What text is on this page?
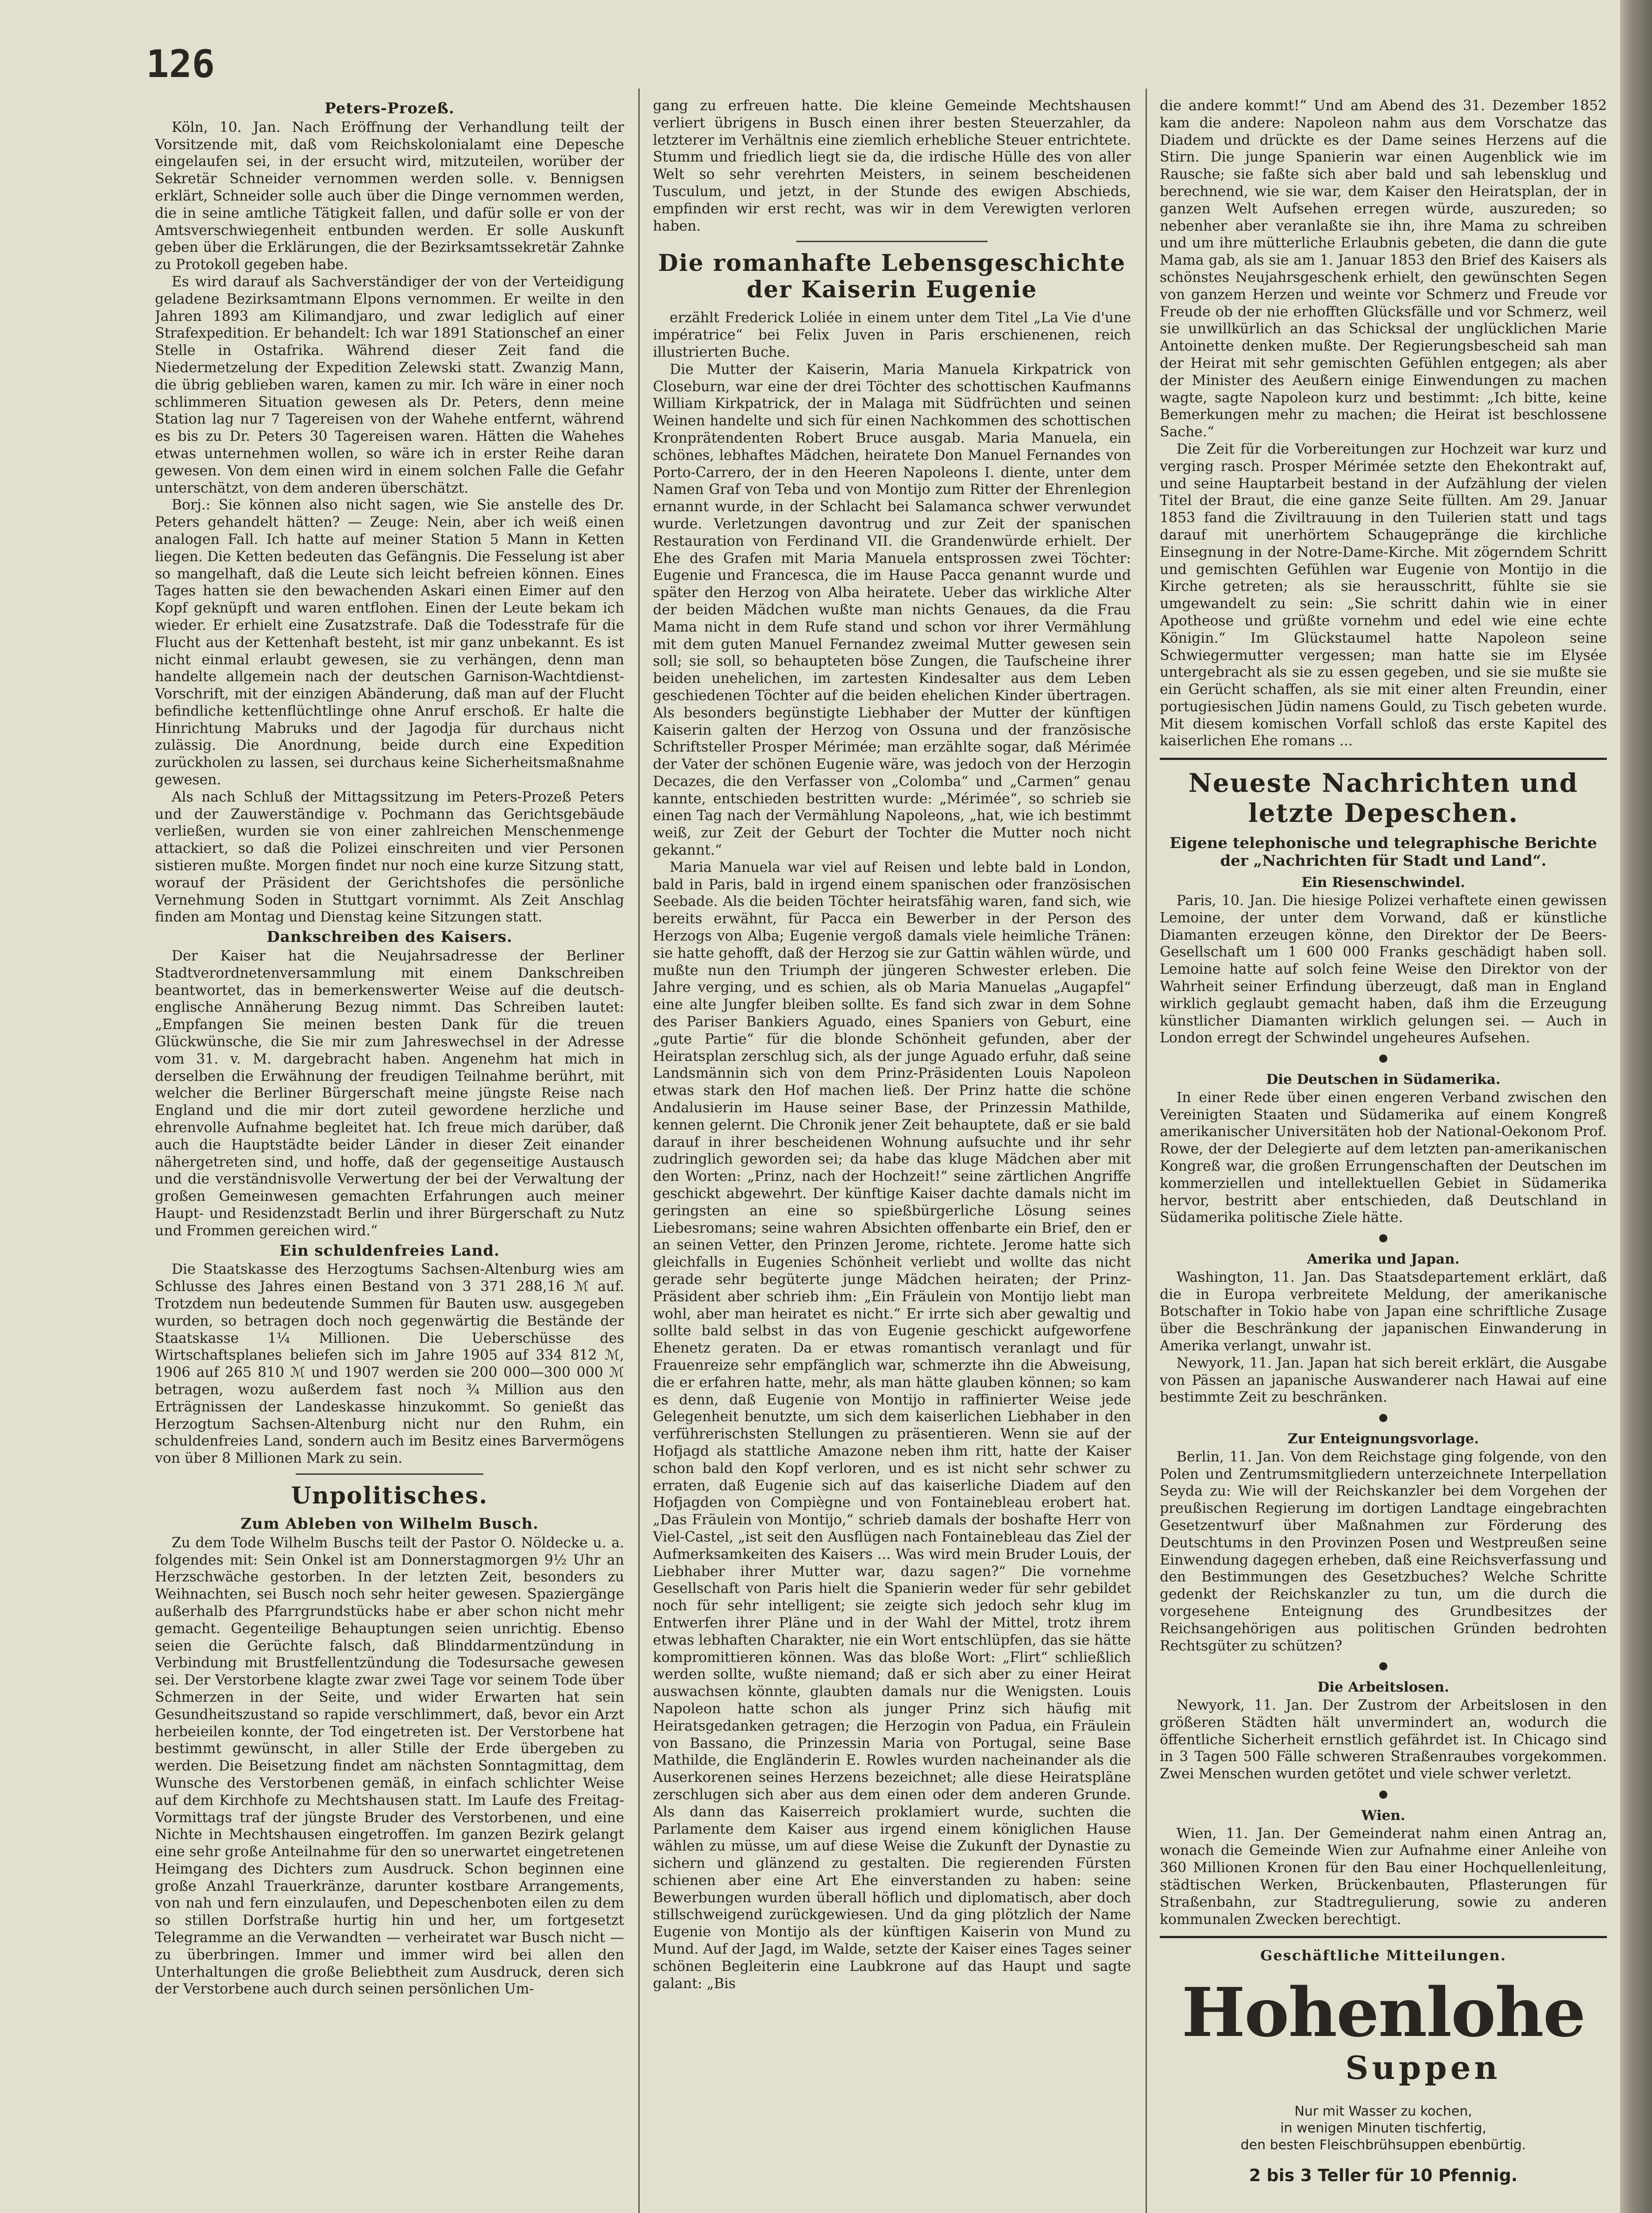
126
Peters-Prozeß.

Köln, 10. Jan. Nach Eröffnung der Verhandlung teilt der Vorsitzende mit, daß vom Reichskolonialamt eine Depesche eingelaufen sei, in der ersucht wird, mitzuteilen, worüber der Sekretär Schneider vernommen werden solle. v. Bennigsen erklärt, Schneider solle auch über die Dinge vernommen werden, die in seine amtliche Tätigkeit fallen, und dafür solle er von der Amtsverschwiegenheit entbunden werden. Er solle Auskunft geben über die Erklärungen, die der Bezirksamtssekretär Zahnke zu Protokoll gegeben habe.

Es wird darauf als Sachverständiger der von der Verteidigung geladene Bezirksamtmann Elpons vernommen. Er weilte in den Jahren 1893 am Kilimandjaro, und zwar lediglich auf einer Strafexpedition. Er behandelt: Ich war 1891 Stationschef an einer Stelle in Ostafrika. Während dieser Zeit fand die Niedermetzelung der Expedition Zelewski statt. Zwanzig Mann, die übrig geblieben waren, kamen zu mir. Ich wäre in einer noch schlimmeren Situation gewesen als Dr. Peters, denn meine Station lag nur 7 Tagereisen von der Wahehe entfernt, während es bis zu Dr. Peters 30 Tagereisen waren. Hätten die Wahehes etwas unternehmen wollen, so wäre ich in erster Reihe daran gewesen. Von dem einen wird in einem solchen Falle die Gefahr unterschätzt, von dem anderen überschätzt.

Borj.: Sie können also nicht sagen, wie Sie anstelle des Dr. Peters gehandelt hätten? — Zeuge: Nein, aber ich weiß einen analogen Fall. Ich hatte auf meiner Station 5 Mann in Ketten liegen. Die Ketten bedeuten das Gefängnis. Die Fesselung ist aber so mangelhaft, daß die Leute sich leicht befreien können. Eines Tages hatten sie den bewachenden Askari einen Eimer auf den Kopf geknüpft und waren entflohen. Einen der Leute bekam ich wieder. Er erhielt eine Zusatzstrafe. Daß die Todesstrafe für die Flucht aus der Kettenhaft besteht, ist mir ganz unbekannt. Es ist nicht einmal erlaubt gewesen, sie zu verhängen, denn man handelte allgemein nach der deutschen Garnison-Wachtdienst-Vorschrift, mit der einzigen Abänderung, daß man auf der Flucht befindliche kettenflüchtlinge ohne Anruf erschoß. Er halte die Hinrichtung Mabruks und der Jagodja für durchaus nicht zulässig. Die Anordnung, beide durch eine Expedition zurückholen zu lassen, sei durchaus keine Sicherheitsmaßnahme gewesen.

Als nach Schluß der Mittagssitzung im Peters-Prozeß Peters und der Zauwerständige v. Pochmann das Gerichtsgebäude verließen, wurden sie von einer zahlreichen Menschenmenge attackiert, so daß die Polizei einschreiten und vier Personen sistieren mußte. Morgen findet nur noch eine kurze Sitzung statt, worauf der Präsident der Gerichtshofes die persönliche Vernehmung Soden in Stuttgart vornimmt. Als Zeit Anschlag finden am Montag und Dienstag keine Sitzungen statt.

Dankschreiben des Kaisers.

Der Kaiser hat die Neujahrsadresse der Berliner Stadtverordnetenversammlung mit einem Dankschreiben beantwortet, das in bemerkenswerter Weise auf die deutsch-englische Annäherung Bezug nimmt. Das Schreiben lautet: „Empfangen Sie meinen besten Dank für die treuen Glückwünsche, die Sie mir zum Jahreswechsel in der Adresse vom 31. v. M. dargebracht haben. Angenehm hat mich in derselben die Erwähnung der freudigen Teilnahme berührt, mit welcher die Berliner Bürgerschaft meine jüngste Reise nach England und die mir dort zuteil gewordene herzliche und ehrenvolle Aufnahme begleitet hat. Ich freue mich darüber, daß auch die Hauptstädte beider Länder in dieser Zeit einander nähergetreten sind, und hoffe, daß der gegenseitige Austausch und die verständnisvolle Verwertung der bei der Verwaltung der großen Gemeinwesen gemachten Erfahrungen auch meiner Haupt- und Residenzstadt Berlin und ihrer Bürgerschaft zu Nutz und Frommen gereichen wird.“

Ein schuldenfreies Land.

Die Staatskasse des Herzogtums Sachsen-Altenburg wies am Schlusse des Jahres einen Bestand von 3 371 288,16 ℳ auf. Trotzdem nun bedeutende Summen für Bauten usw. ausgegeben wurden, so betragen doch noch gegenwärtig die Bestände der Staatskasse 1¼ Millionen. Die Ueberschüsse des Wirtschaftsplanes beliefen sich im Jahre 1905 auf 334 812 ℳ, 1906 auf 265 810 ℳ und 1907 werden sie 200 000—300 000 ℳ betragen, wozu außerdem fast noch ¾ Million aus den Erträgnissen der Landeskasse hinzukommt. So genießt das Herzogtum Sachsen-Altenburg nicht nur den Ruhm, ein schuldenfreies Land, sondern auch im Besitz eines Barvermögens von über 8 Millionen Mark zu sein.

Unpolitisches.
Zum Ableben von Wilhelm Busch.

Zu dem Tode Wilhelm Buschs teilt der Pastor O. Nöldecke u. a. folgendes mit: Sein Onkel ist am Donnerstagmorgen 9½ Uhr an Herzschwäche gestorben. In der letzten Zeit, besonders zu Weihnachten, sei Busch noch sehr heiter gewesen. Spaziergänge außerhalb des Pfarrgrundstücks habe er aber schon nicht mehr gemacht. Gegenteilige Behauptungen seien unrichtig. Ebenso seien die Gerüchte falsch, daß Blinddarmentzündung in Verbindung mit Brustfellentzündung die Todesursache gewesen sei. Der Verstorbene klagte zwar zwei Tage vor seinem Tode über Schmerzen in der Seite, und wider Erwarten hat sein Gesundheitszustand so rapide verschlimmert, daß, bevor ein Arzt herbeieilen konnte, der Tod eingetreten ist. Der Verstorbene hat bestimmt gewünscht, in aller Stille der Erde übergeben zu werden. Die Beisetzung findet am nächsten Sonntagmittag, dem Wunsche des Verstorbenen gemäß, in einfach schlichter Weise auf dem Kirchhofe zu Mechtshausen statt. Im Laufe des Freitag-Vormittags traf der jüngste Bruder des Verstorbenen, und eine Nichte in Mechtshausen eingetroffen. Im ganzen Bezirk gelangt eine sehr große Anteilnahme für den so unerwartet eingetretenen Heimgang des Dichters zum Ausdruck. Schon beginnen eine große Anzahl Trauerkränze, darunter kostbare Arrangements, von nah und fern einzulaufen, und Depeschenboten eilen zu dem so stillen Dorfstraße hurtig hin und her, um fortgesetzt Telegramme an die Verwandten — verheiratet war Busch nicht — zu überbringen. Immer und immer wird bei allen den Unterhaltungen die große Beliebtheit zum Ausdruck, deren sich der Verstorbene auch durch seinen persönlichen Um-

gang zu erfreuen hatte. Die kleine Gemeinde Mechtshausen verliert übrigens in Busch einen ihrer besten Steuerzahler, da letzterer im Verhältnis eine ziemlich erhebliche Steuer entrichtete. Stumm und friedlich liegt sie da, die irdische Hülle des von aller Welt so sehr verehrten Meisters, in seinem bescheidenen Tusculum, und jetzt, in der Stunde des ewigen Abschieds, empfinden wir erst recht, was wir in dem Verewigten verloren haben.

Die romanhafte Lebensgeschichte der Kaiserin Eugenie

erzählt Frederick Loliée in einem unter dem Titel „La Vie d'une impératrice“ bei Felix Juven in Paris erschienenen, reich illustrierten Buche.

Die Mutter der Kaiserin, Maria Manuela Kirkpatrick von Closeburn, war eine der drei Töchter des schottischen Kaufmanns William Kirkpatrick, der in Malaga mit Südfrüchten und seinen Weinen handelte und sich für einen Nachkommen des schottischen Kronprätendenten Robert Bruce ausgab. Maria Manuela, ein schönes, lebhaftes Mädchen, heiratete Don Manuel Fernandes von Porto-Carrero, der in den Heeren Napoleons I. diente, unter dem Namen Graf von Teba und von Montijo zum Ritter der Ehrenlegion ernannt wurde, in der Schlacht bei Salamanca schwer verwundet wurde. Verletzungen davontrug und zur Zeit der spanischen Restauration von Ferdinand VII. die Grandenwürde erhielt. Der Ehe des Grafen mit Maria Manuela entsprossen zwei Töchter: Eugenie und Francesca, die im Hause Pacca genannt wurde und später den Herzog von Alba heiratete. Ueber das wirkliche Alter der beiden Mädchen wußte man nichts Genaues, da die Frau Mama nicht in dem Rufe stand und schon vor ihrer Vermählung mit dem guten Manuel Fernandez zweimal Mutter gewesen sein soll; sie soll, so behaupteten böse Zungen, die Taufscheine ihrer beiden unehelichen, im zartesten Kindesalter aus dem Leben geschiedenen Töchter auf die beiden ehelichen Kinder übertragen. Als besonders begünstigte Liebhaber der Mutter der künftigen Kaiserin galten der Herzog von Ossuna und der französische Schriftsteller Prosper Mérimée; man erzählte sogar, daß Mérimée der Vater der schönen Eugenie wäre, was jedoch von der Herzogin Decazes, die den Verfasser von „Colomba“ und „Carmen“ genau kannte, entschieden bestritten wurde: „Mérimée“, so schrieb sie einen Tag nach der Vermählung Napoleons, „hat, wie ich bestimmt weiß, zur Zeit der Geburt der Tochter die Mutter noch nicht gekannt.“

Maria Manuela war viel auf Reisen und lebte bald in London, bald in Paris, bald in irgend einem spanischen oder französischen Seebade. Als die beiden Töchter heiratsfähig waren, fand sich, wie bereits erwähnt, für Pacca ein Bewerber in der Person des Herzogs von Alba; Eugenie vergoß damals viele heimliche Tränen: sie hatte gehofft, daß der Herzog sie zur Gattin wählen würde, und mußte nun den Triumph der jüngeren Schwester erleben. Die Jahre verging, und es schien, als ob Maria Manuelas „Augapfel“ eine alte Jungfer bleiben sollte. Es fand sich zwar in dem Sohne des Pariser Bankiers Aguado, eines Spaniers von Geburt, eine „gute Partie“ für die blonde Schönheit gefunden, aber der Heiratsplan zerschlug sich, als der junge Aguado erfuhr, daß seine Landsmännin sich von dem Prinz-Präsidenten Louis Napoleon etwas stark den Hof machen ließ. Der Prinz hatte die schöne Andalusierin im Hause seiner Base, der Prinzessin Mathilde, kennen gelernt. Die Chronik jener Zeit behauptete, daß er sie bald darauf in ihrer bescheidenen Wohnung aufsuchte und ihr sehr zudringlich geworden sei; da habe das kluge Mädchen aber mit den Worten: „Prinz, nach der Hochzeit!“ seine zärtlichen Angriffe geschickt abgewehrt. Der künftige Kaiser dachte damals nicht im geringsten an eine so spießbürgerliche Lösung seines Liebesromans; seine wahren Absichten offenbarte ein Brief, den er an seinen Vetter, den Prinzen Jerome, richtete. Jerome hatte sich gleichfalls in Eugenies Schönheit verliebt und wollte das nicht gerade sehr begüterte junge Mädchen heiraten; der Prinz-Präsident aber schrieb ihm: „Ein Fräulein von Montijo liebt man wohl, aber man heiratet es nicht.“ Er irrte sich aber gewaltig und sollte bald selbst in das von Eugenie geschickt aufgeworfene Ehenetz geraten. Da er etwas romantisch veranlagt und für Frauenreize sehr empfänglich war, schmerzte ihn die Abweisung, die er erfahren hatte, mehr, als man hätte glauben können; so kam es denn, daß Eugenie von Montijo in raffinierter Weise jede Gelegenheit benutzte, um sich dem kaiserlichen Liebhaber in den verführerischsten Stellungen zu präsentieren. Wenn sie auf der Hofjagd als stattliche Amazone neben ihm ritt, hatte der Kaiser schon bald den Kopf verloren, und es ist nicht sehr schwer zu erraten, daß Eugenie sich auf das kaiserliche Diadem auf den Hofjagden von Compiègne und von Fontainebleau erobert hat. „Das Fräulein von Montijo,“ schrieb damals der boshafte Herr von Viel-Castel, „ist seit den Ausflügen nach Fontainebleau das Ziel der Aufmerksamkeiten des Kaisers ... Was wird mein Bruder Louis, der Liebhaber ihrer Mutter war, dazu sagen?“ Die vornehme Gesellschaft von Paris hielt die Spanierin weder für sehr gebildet noch für sehr intelligent; sie zeigte sich jedoch sehr klug im Entwerfen ihrer Pläne und in der Wahl der Mittel, trotz ihrem etwas lebhaften Charakter, nie ein Wort entschlüpfen, das sie hätte kompromittieren können. Was das bloße Wort: „Flirt“ schließlich werden sollte, wußte niemand; daß er sich aber zu einer Heirat auswachsen könnte, glaubten damals nur die Wenigsten. Louis Napoleon hatte schon als junger Prinz sich häufig mit Heiratsgedanken getragen; die Herzogin von Padua, ein Fräulein von Bassano, die Prinzessin Maria von Portugal, seine Base Mathilde, die Engländerin E. Rowles wurden nacheinander als die Auserkorenen seines Herzens bezeichnet; alle diese Heiratspläne zerschlugen sich aber aus dem einen oder dem anderen Grunde. Als dann das Kaiserreich proklamiert wurde, suchten die Parlamente dem Kaiser aus irgend einem königlichen Hause wählen zu müsse, um auf diese Weise die Zukunft der Dynastie zu sichern und glänzend zu gestalten. Die regierenden Fürsten schienen aber eine Art Ehe einverstanden zu haben: seine Bewerbungen wurden überall höflich und diplomatisch, aber doch stillschweigend zurückgewiesen. Und da ging plötzlich der Name Eugenie von Montijo als der künftigen Kaiserin von Mund zu Mund. Auf der Jagd, im Walde, setzte der Kaiser eines Tages seiner schönen Begleiterin eine Laubkrone auf das Haupt und sagte galant: „Bis

die andere kommt!“ Und am Abend des 31. Dezember 1852 kam die andere: Napoleon nahm aus dem Vorschatze das Diadem und drückte es der Dame seines Herzens auf die Stirn. Die junge Spanierin war einen Augenblick wie im Rausche; sie faßte sich aber bald und sah lebensklug und berechnend, wie sie war, dem Kaiser den Heiratsplan, der in ganzen Welt Aufsehen erregen würde, auszureden; so nebenher aber veranlaßte sie ihn, ihre Mama zu schreiben und um ihre mütterliche Erlaubnis gebeten, die dann die gute Mama gab, als sie am 1. Januar 1853 den Brief des Kaisers als schönstes Neujahrsgeschenk erhielt, den gewünschten Segen von ganzem Herzen und weinte vor Schmerz und Freude vor Freude ob der nie erhofften Glücksfälle und vor Schmerz, weil sie unwillkürlich an das Schicksal der unglücklichen Marie Antoinette denken mußte. Der Regierungsbescheid sah man der Heirat mit sehr gemischten Gefühlen entgegen; als aber der Minister des Aeußern einige Einwendungen zu machen wagte, sagte Napoleon kurz und bestimmt: „Ich bitte, keine Bemerkungen mehr zu machen; die Heirat ist beschlossene Sache.“

Die Zeit für die Vorbereitungen zur Hochzeit war kurz und verging rasch. Prosper Mérimée setzte den Ehekontrakt auf, und seine Hauptarbeit bestand in der Aufzählung der vielen Titel der Braut, die eine ganze Seite füllten. Am 29. Januar 1853 fand die Ziviltrauung in den Tuilerien statt und tags darauf mit unerhörtem Schaugepränge die kirchliche Einsegnung in der Notre-Dame-Kirche. Mit zögerndem Schritt und gemischten Gefühlen war Eugenie von Montijo in die Kirche getreten; als sie herausschritt, fühlte sie sie umgewandelt zu sein: „Sie schritt dahin wie in einer Apotheose und grüßte vornehm und edel wie eine echte Königin.“ Im Glückstaumel hatte Napoleon seine Schwiegermutter vergessen; man hatte sie im Elysée untergebracht als sie zu essen gegeben, und sie sie mußte sie ein Gerücht schaffen, als sie mit einer alten Freundin, einer portugiesischen Jüdin namens Gould, zu Tisch gebeten wurde. Mit diesem komischen Vorfall schloß das erste Kapitel des kaiserlichen Ehe romans ...

Neueste Nachrichten und letzte Depeschen.
Eigene telephonische und telegraphische Berichte der „Nachrichten für Stadt und Land“.
Ein Riesenschwindel.

Paris, 10. Jan. Die hiesige Polizei verhaftete einen gewissen Lemoine, der unter dem Vorwand, daß er künstliche Diamanten erzeugen könne, den Direktor der De Beers-Gesellschaft um 1 600 000 Franks geschädigt haben soll. Lemoine hatte auf solch feine Weise den Direktor von der Wahrheit seiner Erfindung überzeugt, daß man in England wirklich geglaubt gemacht haben, daß ihm die Erzeugung künstlicher Diamanten wirklich gelungen sei. — Auch in London erregt der Schwindel ungeheures Aufsehen.

●
Die Deutschen in Südamerika.

In einer Rede über einen engeren Verband zwischen den Vereinigten Staaten und Südamerika auf einem Kongreß amerikanischer Universitäten hob der National-Oekonom Prof. Rowe, der der Delegierte auf dem letzten pan-amerikanischen Kongreß war, die großen Errungenschaften der Deutschen im kommerziellen und intellektuellen Gebiet in Südamerika hervor, bestritt aber entschieden, daß Deutschland in Südamerika politische Ziele hätte.

●
Amerika und Japan.

Washington, 11. Jan. Das Staatsdepartement erklärt, daß die in Europa verbreitete Meldung, der amerikanische Botschafter in Tokio habe von Japan eine schriftliche Zusage über die Beschränkung der japanischen Einwanderung in Amerika verlangt, unwahr ist.

Newyork, 11. Jan. Japan hat sich bereit erklärt, die Ausgabe von Pässen an japanische Auswanderer nach Hawai auf eine bestimmte Zeit zu beschränken.

●
Zur Enteignungsvorlage.

Berlin, 11. Jan. Von dem Reichstage ging folgende, von den Polen und Zentrumsmitgliedern unterzeichnete Interpellation Seyda zu: Wie will der Reichskanzler bei dem Vorgehen der preußischen Regierung im dortigen Landtage eingebrachten Gesetzentwurf über Maßnahmen zur Förderung des Deutschtums in den Provinzen Posen und Westpreußen seine Einwendung dagegen erheben, daß eine Reichsverfassung und den Bestimmungen des Gesetzbuches? Welche Schritte gedenkt der Reichskanzler zu tun, um die durch die vorgesehene Enteignung des Grundbesitzes der Reichsangehörigen aus politischen Gründen bedrohten Rechtsgüter zu schützen?

●
Die Arbeitslosen.

Newyork, 11. Jan. Der Zustrom der Arbeitslosen in den größeren Städten hält unvermindert an, wodurch die öffentliche Sicherheit ernstlich gefährdet ist. In Chicago sind in 3 Tagen 500 Fälle schweren Straßenraubes vorgekommen. Zwei Menschen wurden getötet und viele schwer verletzt.

●
Wien.

Wien, 11. Jan. Der Gemeinderat nahm einen Antrag an, wonach die Gemeinde Wien zur Aufnahme einer Anleihe von 360 Millionen Kronen für den Bau einer Hochquellenleitung, städtischen Werken, Brückenbauten, Pflasterungen für Straßenbahn, zur Stadtregulierung, sowie zu anderen kommunalen Zwecken berechtigt.

Geschäftliche Mitteilungen.
Hohenlohe
Suppen
Nur mit Wasser zu kochen,
in wenigen Minuten tischfertig,
den besten Fleischbrühsuppen ebenbürtig.
2 bis 3 Teller für 10 Pfennig.
